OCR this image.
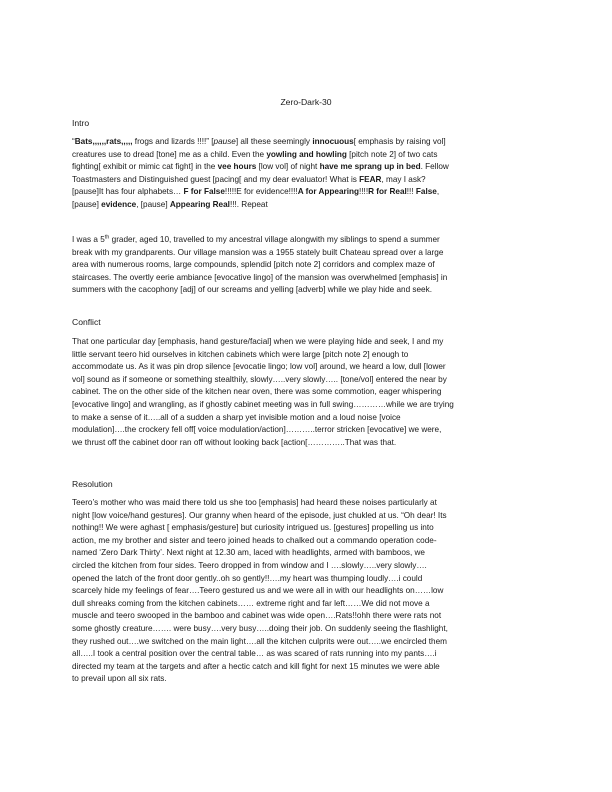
Zero-Dark-30
Intro

“Bats,,,,,,rats,,,,, frogs and lizards !!!!” [pause] all these seemingly innocuous[ emphasis by raising vol]
creatures use to dread [tone] me as a child. Even the yowling and howling [pitch note 2] of two cats
fighting[ exhibit or mimic cat fight] in the vee hours [low vol] of night have me sprang up in bed. Fellow
Toastmasters and Distinguished guest [pacing[ and my dear evaluator! What is FEAR, may I ask?
[pause]It has four alphabets… F for False!!!!!E for evidence!!!!A for Appearing!!!!R for Real!!! False,
[pause] evidence, [pause] Appearing Real!!!. Repeat

I was a 5th grader, aged 10, travelled to my ancestral village alongwith my siblings to spend a summer
break with my grandparents. Our village mansion was a 1955 stately built Chateau spread over a large
area with numerous rooms, large compounds, splendid [pitch note 2] corridors and complex maze of
staircases. The overtly eerie ambiance [evocative lingo] of the mansion was overwhelmed [emphasis] in
summers with the cacophony [adj] of our screams and yelling [adverb] while we play hide and seek.

Conflict

That one particular day [emphasis, hand gesture/facial] when we were playing hide and seek, I and my
little servant teero hid ourselves in kitchen cabinets which were large [pitch note 2] enough to
accommodate us. As it was pin drop silence [evocatie lingo; low vol] around, we heard a low, dull [lower
vol] sound as if someone or something stealthily, slowly…..very slowly….. [tone/vol] entered the near by
cabinet. The on the other side of the kitchen near oven, there was some commotion, eager whispering
[evocative lingo] and wrangling, as if ghostly cabinet meeting was in full swing…………while we are trying
to make a sense of it…..all of a sudden a sharp yet invisible motion and a loud noise [voice
modulation]….the crockery fell off[ voice modulation/action]………..terror stricken [evocative] we were,
we thrust off the cabinet door ran off without looking back [action[…………..That was that.

Resolution

Teero’s mother who was maid there told us she too [emphasis] had heard these noises particularly at
night [low voice/hand gestures]. Our granny when heard of the episode, just chukled at us. “Oh dear! Its
nothing!! We were aghast [ emphasis/gesture] but curiosity intrigued us. [gestures] propelling us into
action, me my brother and sister and teero joined heads to chalked out a commando operation code-
named ‘Zero Dark Thirty’. Next night at 12.30 am, laced with headlights, armed with bamboos, we
circled the kitchen from four sides. Teero dropped in from window and I ….slowly…..very slowly….
opened the latch of the front door gently..oh so gently!!….my heart was thumping loudly….i could
scarcely hide my feelings of fear….Teero gestured us and we were all in with our headlights on……low
dull shreaks coming from the kitchen cabinets…… extreme right and far left……We did not move a
muscle and teero swooped in the bamboo and cabinet was wide open….Rats!!ohh there were rats not
some ghostly creature……. were busy….very busy…..doing their job. On suddenly seeing the flashlight,
they rushed out….we switched on the main light….all the kitchen culprits were out…..we encircled them
all…..I took a central position over the central table… as was scared of rats running into my pants….i
directed my team at the targets and after a hectic catch and kill fight for next 15 minutes we were able
to prevail upon all six rats.
